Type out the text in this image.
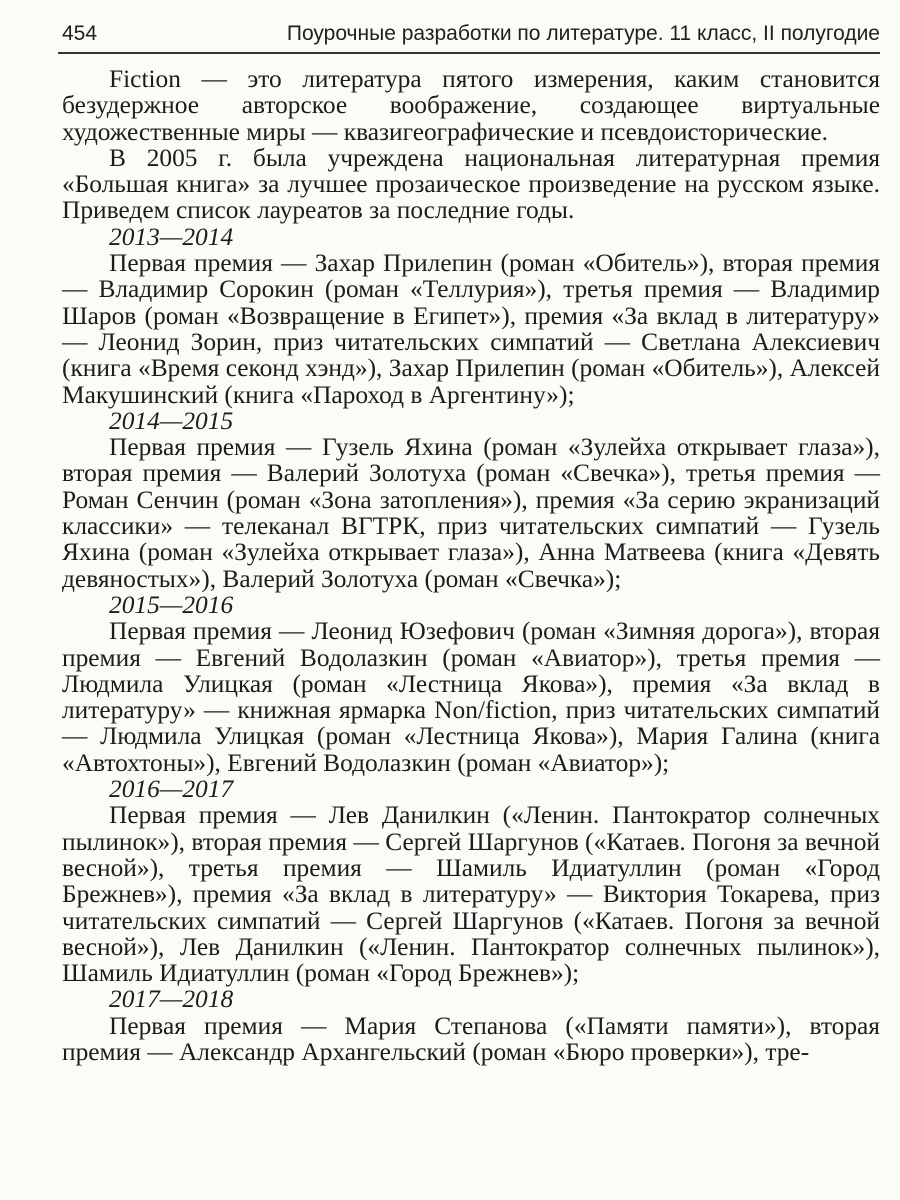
454	Поурочные разработки по литературе. 11 класс, II полугодие

Fiction — это литература пятого измерения, каким становится безудержное авторское воображение, создающее виртуальные художественные миры — квазигеографические и псевдоисторические.

В 2005 г. была учреждена национальная литературная премия «Большая книга» за лучшее прозаическое произведение на русском языке. Приведем список лауреатов за последние годы.

2013—2014

Первая премия — Захар Прилепин (роман «Обитель»), вторая премия — Владимир Сорокин (роман «Теллурия»), третья премия — Владимир Шаров (роман «Возвращение в Египет»), премия «За вклад в литературу» — Леонид Зорин, приз читательских симпатий — Светлана Алексиевич (книга «Время секонд хэнд»), Захар Прилепин (роман «Обитель»), Алексей Макушинский (книга «Пароход в Аргентину»);

2014—2015

Первая премия — Гузель Яхина (роман «Зулейха открывает глаза»), вторая премия — Валерий Золотуха (роман «Свечка»), третья премия — Роман Сенчин (роман «Зона затопления»), премия «За серию экранизаций классики» — телеканал ВГТРК, приз читательских симпатий — Гузель Яхина (роман «Зулейха открывает глаза»), Анна Матвеева (книга «Девять девяностых»), Валерий Золотуха (роман «Свечка»);

2015—2016

Первая премия — Леонид Юзефович (роман «Зимняя дорога»), вторая премия — Евгений Водолазкин (роман «Авиатор»), третья премия — Людмила Улицкая (роман «Лестница Якова»), премия «За вклад в литературу» — книжная ярмарка Non/fiction, приз читательских симпатий — Людмила Улицкая (роман «Лестница Якова»), Мария Галина (книга «Автохтоны»), Евгений Водолазкин (роман «Авиатор»);

2016—2017

Первая премия — Лев Данилкин («Ленин. Пантократор солнечных пылинок»), вторая премия — Сергей Шаргунов («Катаев. Погоня за вечной весной»), третья премия — Шамиль Идиатуллин (роман «Город Брежнев»), премия «За вклад в литературу» — Виктория Токарева, приз читательских симпатий — Сергей Шаргунов («Катаев. Погоня за вечной весной»), Лев Данилкин («Ленин. Пантократор солнечных пылинок»), Шамиль Идиатуллин (роман «Город Брежнев»);

2017—2018

Первая премия — Мария Степанова («Памяти памяти»), вторая премия — Александр Архангельский (роман «Бюро проверки»), тре-
